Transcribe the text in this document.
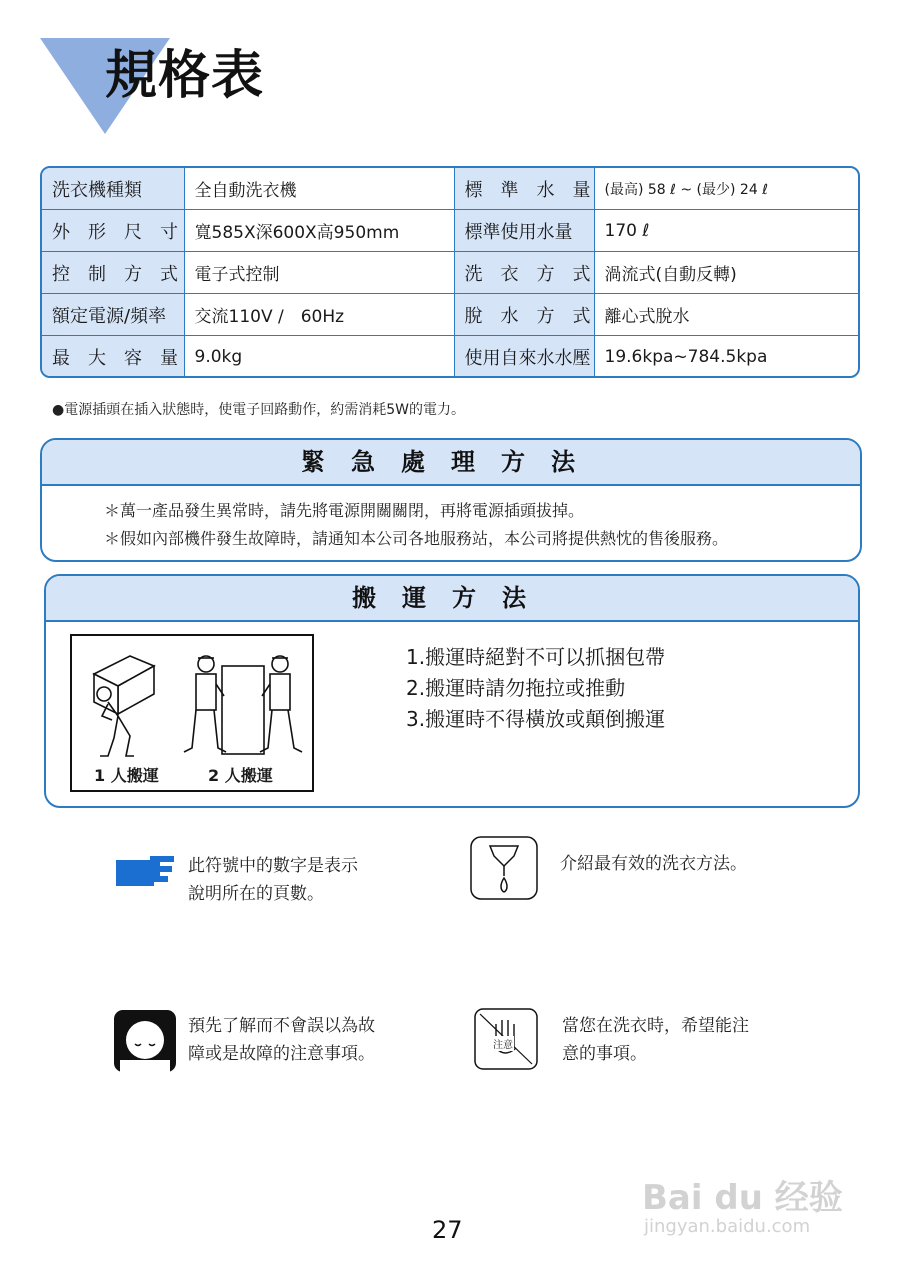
規格表
洗衣機種類	全自動洗衣機	標　準　水　量	(最高) 58 ℓ ~ (最少) 24 ℓ
外　形　尺　寸	寬585X深600X高950mm	標準使用水量	170 ℓ
控　制　方　式	電子式控制	洗　衣　方　式	渦流式(自動反轉)
額定電源/頻率	交流110V /　60Hz	脫　水　方　式	離心式脫水
最　大　容　量	9.0kg	使用自來水水壓	19.6kpa~784.5kpa
●電源插頭在插入狀態時，使電子回路動作，約需消耗5W的電力。
緊急處理方法
＊萬一產品發生異常時，請先將電源開關關閉，再將電源插頭拔掉。
＊假如內部機件發生故障時，請通知本公司各地服務站，本公司將提供熱忱的售後服務。
搬運方法
1 人搬運	2 人搬運
1.搬運時絕對不可以抓捆包帶
2.搬運時請勿拖拉或推動
3.搬運時不得橫放或顛倒搬運
此符號中的數字是表示
說明所在的頁數。
介紹最有效的洗衣方法。
預先了解而不會誤以為故
障或是故障的注意事項。	注意
當您在洗衣時，希望能注
意的事項。
Bai du 经验
jingyan.baidu.com
27
